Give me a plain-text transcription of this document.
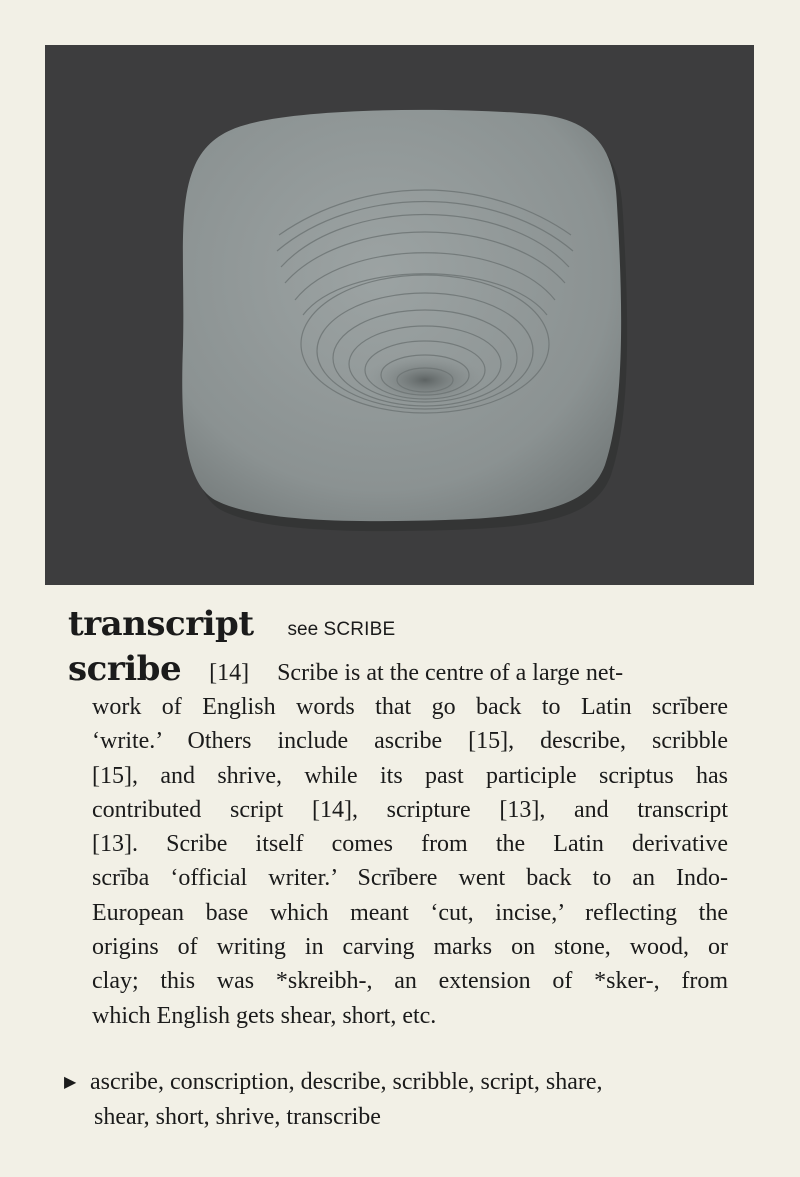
transcript see SCRIBE
scribe [14] Scribe is at the centre of a large net-
work of English words that go back to Latin scrībere
‘write.’ Others include ascribe [15], describe, scribble
[15], and shrive, while its past participle scriptus has
contributed script [14], scripture [13], and transcript
[13]. Scribe itself comes from the Latin derivative
scrība ‘official writer.’ Scrībere went back to an Indo-
European base which meant ‘cut, incise,’ reflecting the
origins of writing in carving marks on stone, wood, or
clay; this was *skreibh-, an extension of *sker-, from
which English gets shear, short, etc.
▶ ascribe, conscription, describe, scribble, script, share,
shear, short, shrive, transcribe
